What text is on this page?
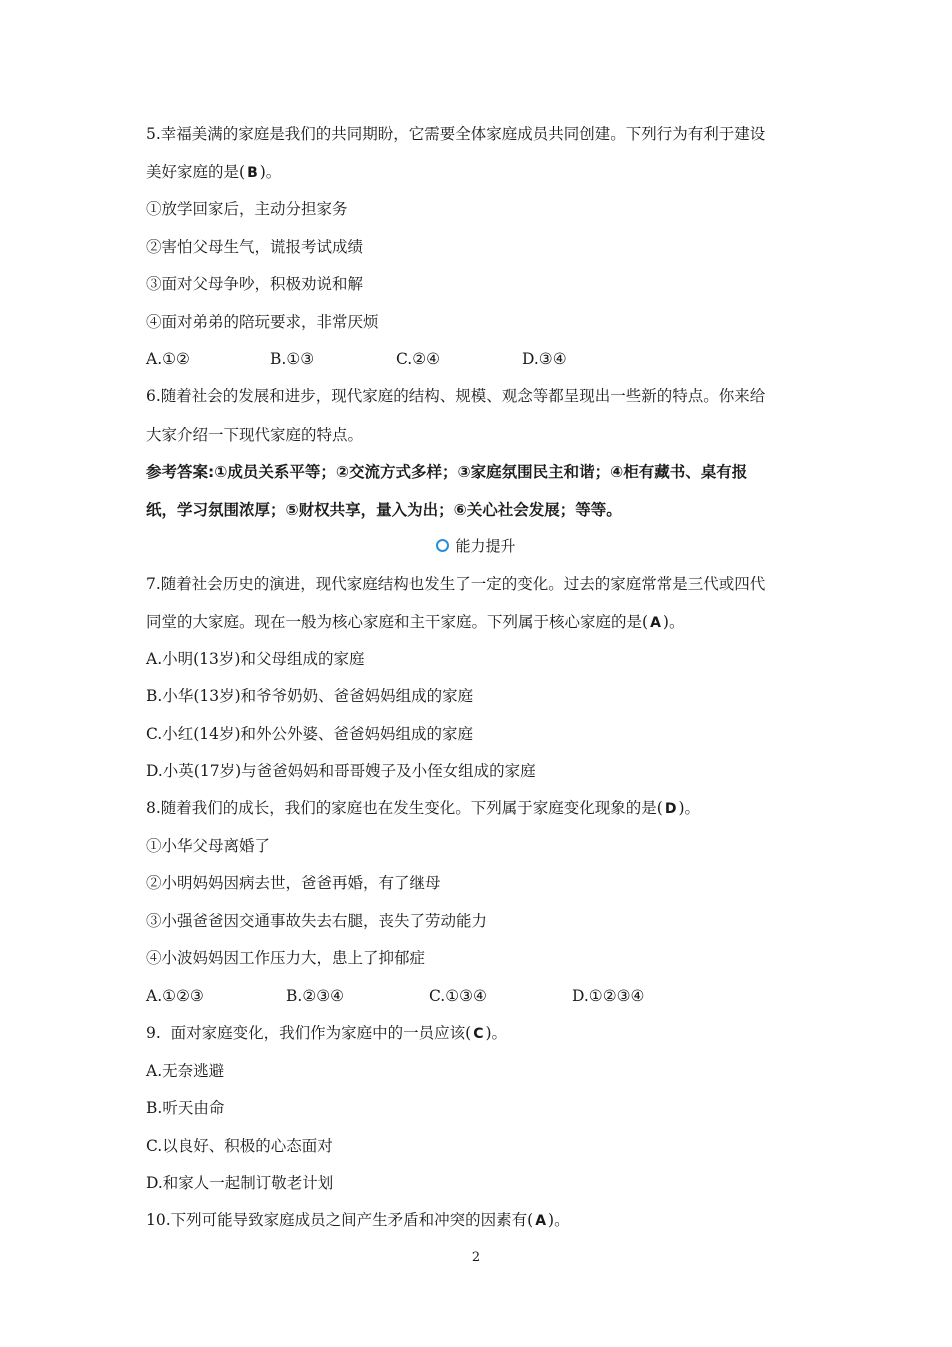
5.幸福美满的家庭是我们的共同期盼，它需要全体家庭成员共同创建。下列行为有利于建设
美好家庭的是( B )。
①放学回家后，主动分担家务
②害怕父母生气，谎报考试成绩
③面对父母争吵，积极劝说和解
④面对弟弟的陪玩要求，非常厌烦
A.①②	B.①③	C.②④	D.③④
6.随着社会的发展和进步，现代家庭的结构、规模、观念等都呈现出一些新的特点。你来给
大家介绍一下现代家庭的特点。
参考答案:①成员关系平等；②交流方式多样；③家庭氛围民主和谐；④柜有藏书、桌有报
纸，学习氛围浓厚；⑤财权共享，量入为出；⑥关心社会发展；等等。
能力提升
7.随着社会历史的演进，现代家庭结构也发生了一定的变化。过去的家庭常常是三代或四代
同堂的大家庭。现在一般为核心家庭和主干家庭。下列属于核心家庭的是( A )。
A.小明(13岁)和父母组成的家庭
B.小华(13岁)和爷爷奶奶、爸爸妈妈组成的家庭
C.小红(14岁)和外公外婆、爸爸妈妈组成的家庭
D.小英(17岁)与爸爸妈妈和哥哥嫂子及小侄女组成的家庭
8.随着我们的成长，我们的家庭也在发生变化。下列属于家庭变化现象的是( D )。
①小华父母离婚了
②小明妈妈因病去世，爸爸再婚，有了继母
③小强爸爸因交通事故失去右腿，丧失了劳动能力
④小波妈妈因工作压力大，患上了抑郁症
A.①②③	B.②③④	C.①③④	D.①②③④
9.  面对家庭变化，我们作为家庭中的一员应该( C )。
A.无奈逃避
B.听天由命
C.以良好、积极的心态面对
D.和家人一起制订敬老计划
10.下列可能导致家庭成员之间产生矛盾和冲突的因素有( A )。
2
